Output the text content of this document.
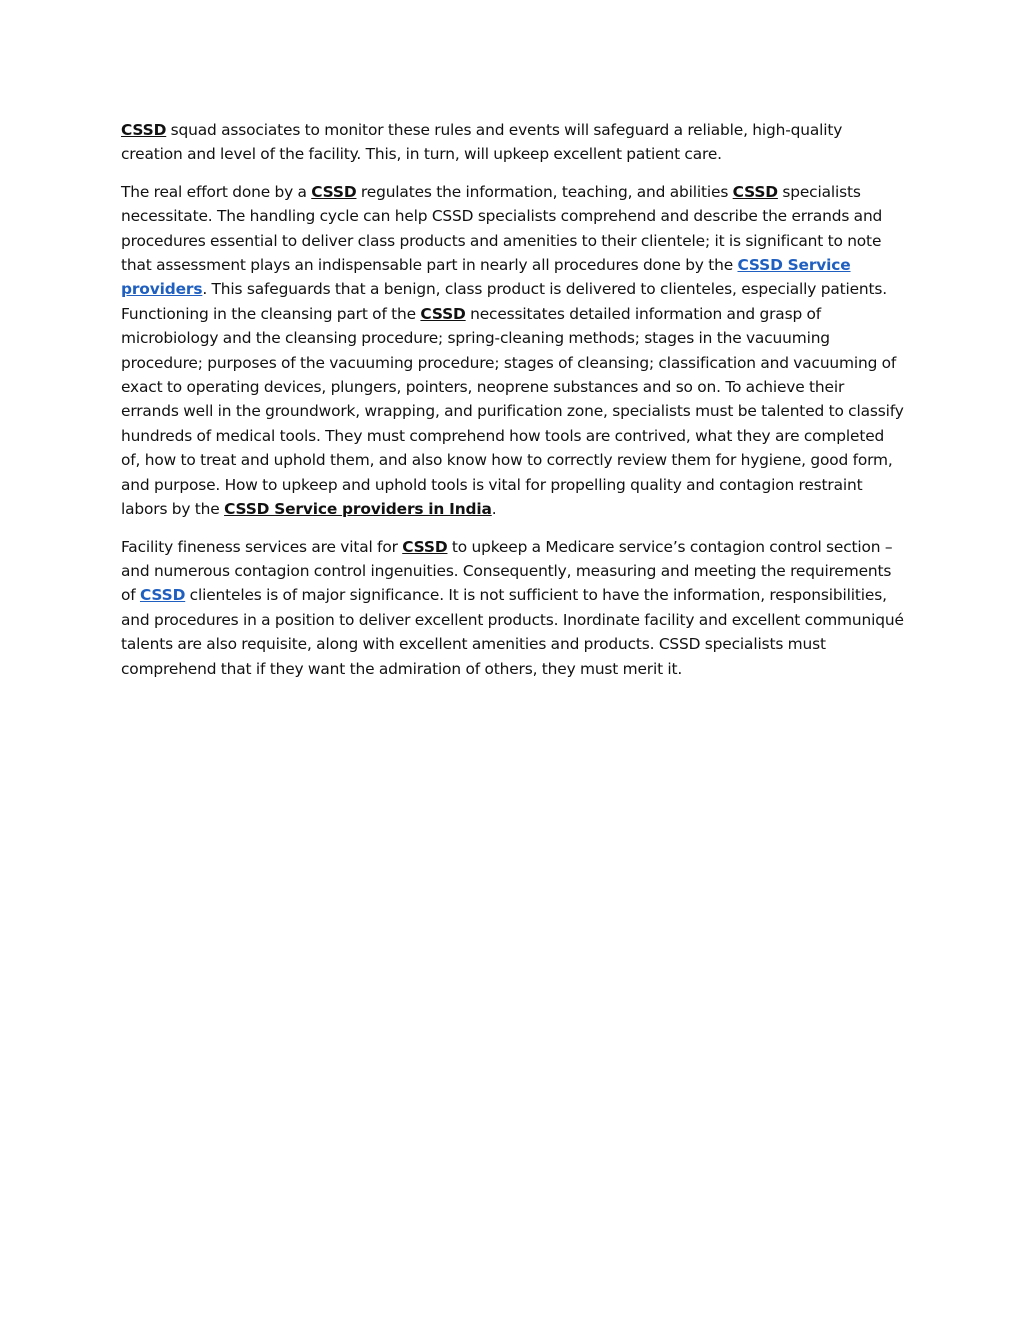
CSSD squad associates to monitor these rules and events will safeguard a reliable, high-quality creation and level of the facility. This, in turn, will upkeep excellent patient care.

The real effort done by a CSSD regulates the information, teaching, and abilities CSSD specialists necessitate. The handling cycle can help CSSD specialists comprehend and describe the errands and procedures essential to deliver class products and amenities to their clientele; it is significant to note that assessment plays an indispensable part in nearly all procedures done by the CSSD Service providers. This safeguards that a benign, class product is delivered to clienteles, especially patients. Functioning in the cleansing part of the CSSD necessitates detailed information and grasp of microbiology and the cleansing procedure; spring-cleaning methods; stages in the vacuuming procedure; purposes of the vacuuming procedure; stages of cleansing; classification and vacuuming of exact to operating devices, plungers, pointers, neoprene substances and so on. To achieve their errands well in the groundwork, wrapping, and purification zone, specialists must be talented to classify hundreds of medical tools. They must comprehend how tools are contrived, what they are completed of, how to treat and uphold them, and also know how to correctly review them for hygiene, good form, and purpose. How to upkeep and uphold tools is vital for propelling quality and contagion restraint labors by the CSSD Service providers in India.

Facility fineness services are vital for CSSD to upkeep a Medicare service’s contagion control section – and numerous contagion control ingenuities. Consequently, measuring and meeting the requirements of CSSD clienteles is of major significance. It is not sufficient to have the information, responsibilities, and procedures in a position to deliver excellent products. Inordinate facility and excellent communiqué talents are also requisite, along with excellent amenities and products. CSSD specialists must comprehend that if they want the admiration of others, they must merit it.
